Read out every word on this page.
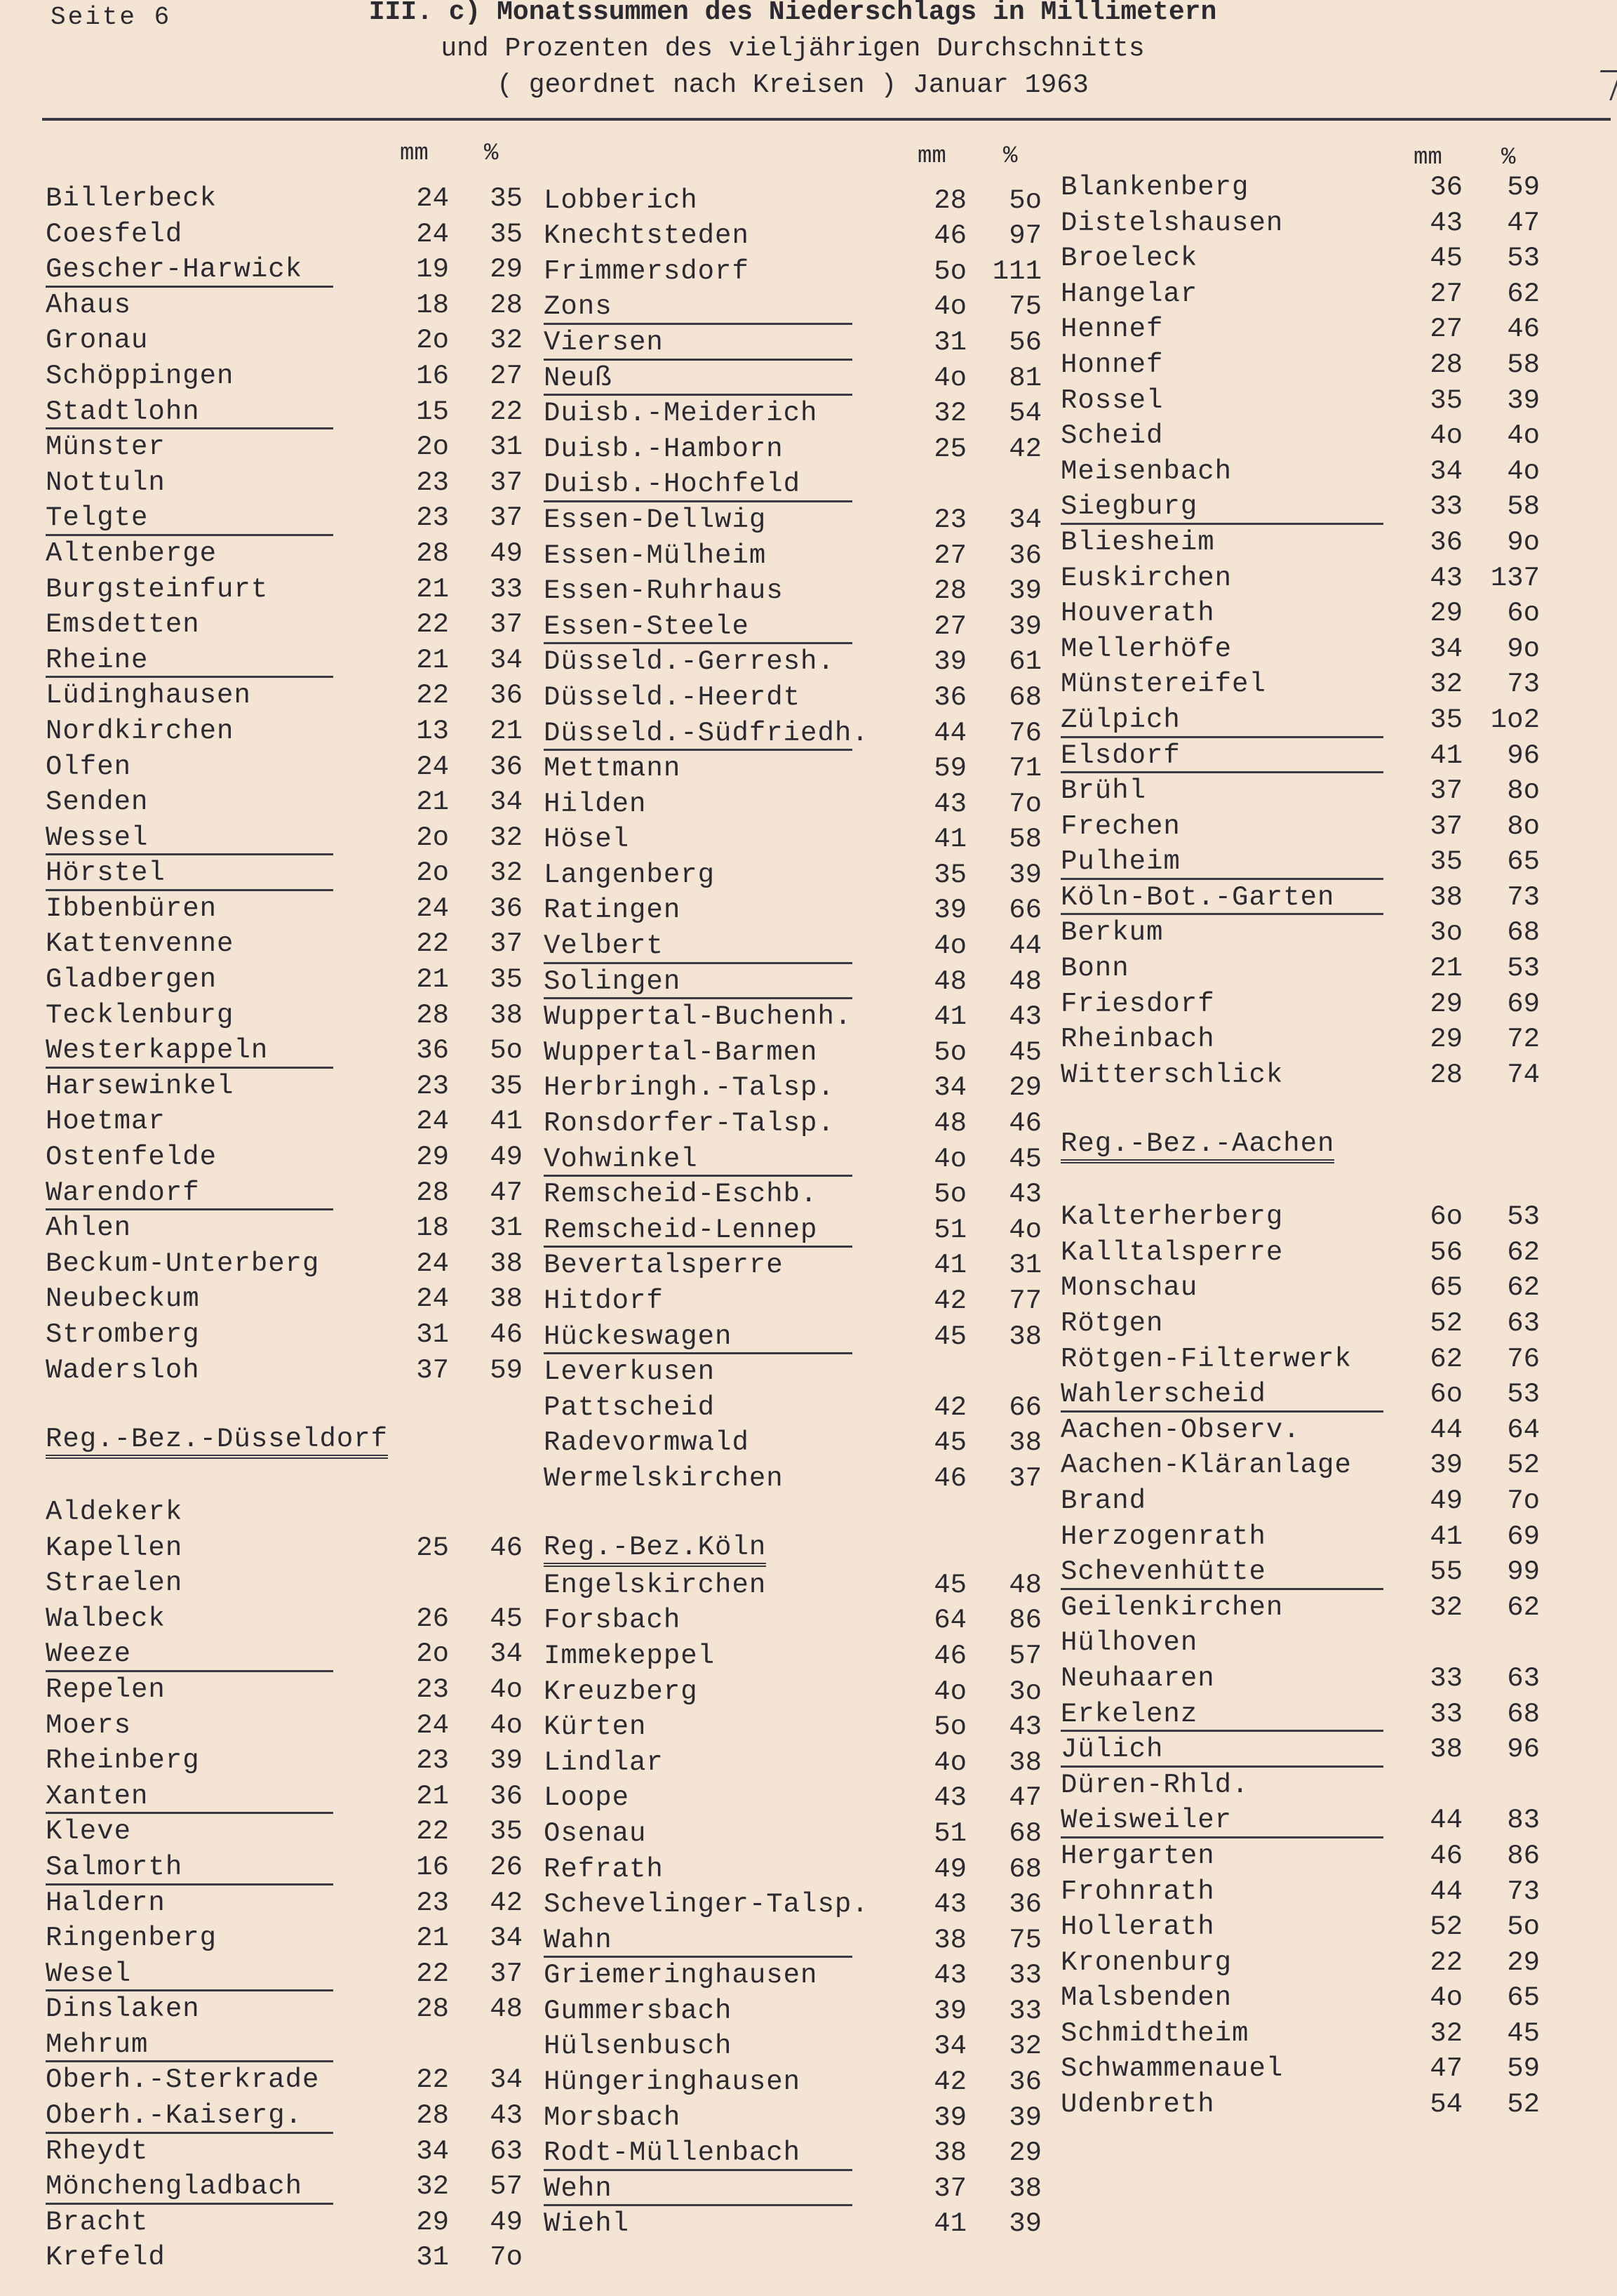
Seite 6	III. c) Monatssummen des Niederschlags in Millimetern
und Prozenten des vieljährigen Durchschnitts
( geordnet nach Kreisen ) Januar 1963
mm %
Billerbeck	24	35
Coesfeld	24	35
Gescher-Harwick	19	29
Ahaus	18	28
Gronau	2o	32
Schöppingen	16	27
Stadtlohn	15	22
Münster	2o	31
Nottuln	23	37
Telgte	23	37
Altenberge	28	49
Burgsteinfurt	21	33
Emsdetten	22	37
Rheine	21	34
Lüdinghausen	22	36
Nordkirchen	13	21
Olfen	24	36
Senden	21	34
Wessel	2o	32
Hörstel	2o	32
Ibbenbüren	24	36
Kattenvenne	22	37
Gladbergen	21	35
Tecklenburg	28	38
Westerkappeln	36	5o
Harsewinkel	23	35
Hoetmar	24	41
Ostenfelde	29	49
Warendorf	28	47
Ahlen	18	31
Beckum-Unterberg	24	38
Neubeckum	24	38
Stromberg	31	46
Wadersloh	37	59
Reg.-Bez.-Düsseldorf
Aldekerk
Kapellen	25	46
Straelen
Walbeck	26	45
Weeze	2o	34
Repelen	23	4o
Moers	24	4o
Rheinberg	23	39
Xanten	21	36
Kleve	22	35
Salmorth	16	26
Haldern	23	42
Ringenberg	21	34
Wesel	22	37
Dinslaken	28	48
Mehrum
Oberh.-Sterkrade	22	34
Oberh.-Kaiserg.	28	43
Rheydt	34	63
Mönchengladbach	32	57
Bracht	29	49
Krefeld	31	7o
mm %
Lobberich	28	5o
Knechtsteden	46	97
Frimmersdorf	5o 111
Zons	4o	75
Viersen	31	56
Neuß	4o	81
Duisb.-Meiderich	32	54
Duisb.-Hamborn	25	42
Duisb.-Hochfeld
Essen-Dellwig	23	34
Essen-Mülheim	27	36
Essen-Ruhrhaus	28	39
Essen-Steele	27	39
Düsseld.-Gerresh.	39	61
Düsseld.-Heerdt	36	68
Düsseld.-Südfriedh.	44	76
Mettmann	59	71
Hilden	43	7o
Hösel	41	58
Langenberg	35	39
Ratingen	39	66
Velbert	4o	44
Solingen	48	48
Wuppertal-Buchenh.	41	43
Wuppertal-Barmen	5o	45
Herbringh.-Talsp.	34	29
Ronsdorfer-Talsp.	48	46
Vohwinkel	4o	45
Remscheid-Eschb.	5o	43
Remscheid-Lennep	51	4o
Bevertalsperre	41	31
Hitdorf	42	77
Hückeswagen	45	38
Leverkusen
Pattscheid	42	66
Radevormwald	45	38
Wermelskirchen	46	37
Reg.-Bez.Köln
Engelskirchen	45	48
Forsbach	64	86
Immekeppel	46	57
Kreuzberg	4o	3o
Kürten	5o	43
Lindlar	4o	38
Loope	43	47
Osenau	51	68
Refrath	49	68
Schevelinger-Talsp.	43	36
Wahn	38	75
Griemeringhausen	43	33
Gummersbach	39	33
Hülsenbusch	34	32
Hüngeringhausen	42	36
Morsbach	39	39
Rodt-Müllenbach	38	29
Wehn	37	38
Wiehl	41	39
mm %
Blankenberg	36	59
Distelshausen	43	47
Broeleck	45	53
Hangelar	27	62
Hennef	27	46
Honnef	28	58
Rossel	35	39
Scheid	4o	4o
Meisenbach	34	4o
Siegburg	33	58
Bliesheim	36	9o
Euskirchen	43	137
Houverath	29	6o
Mellerhöfe	34	9o
Münstereifel	32	73
Zülpich	35	1o2
Elsdorf	41	96
Brühl	37	8o
Frechen	37	8o
Pulheim	35	65
Köln-Bot.-Garten	38	73
Berkum	3o	68
Bonn	21	53
Friesdorf	29	69
Rheinbach	29	72
Witterschlick	28	74
Reg.-Bez.-Aachen
Kalterherberg	6o	53
Kalltalsperre	56	62
Monschau	65	62
Rötgen	52	63
Rötgen-Filterwerk	62	76
Wahlerscheid	6o	53
Aachen-Observ.	44	64
Aachen-Kläranlage	39	52
Brand	49	7o
Herzogenrath	41	69
Schevenhütte	55	99
Geilenkirchen	32	62
Hülhoven
Neuhaaren	33	63
Erkelenz	33	68
Jülich	38	96
Düren-Rhld.
Weisweiler	44	83
Hergarten	46	86
Frohnrath	44	73
Hollerath	52	5o
Kronenburg	22	29
Malsbenden	4o	65
Schmidtheim	32	45
Schwammenauel	47	59
Udenbreth	54	52
